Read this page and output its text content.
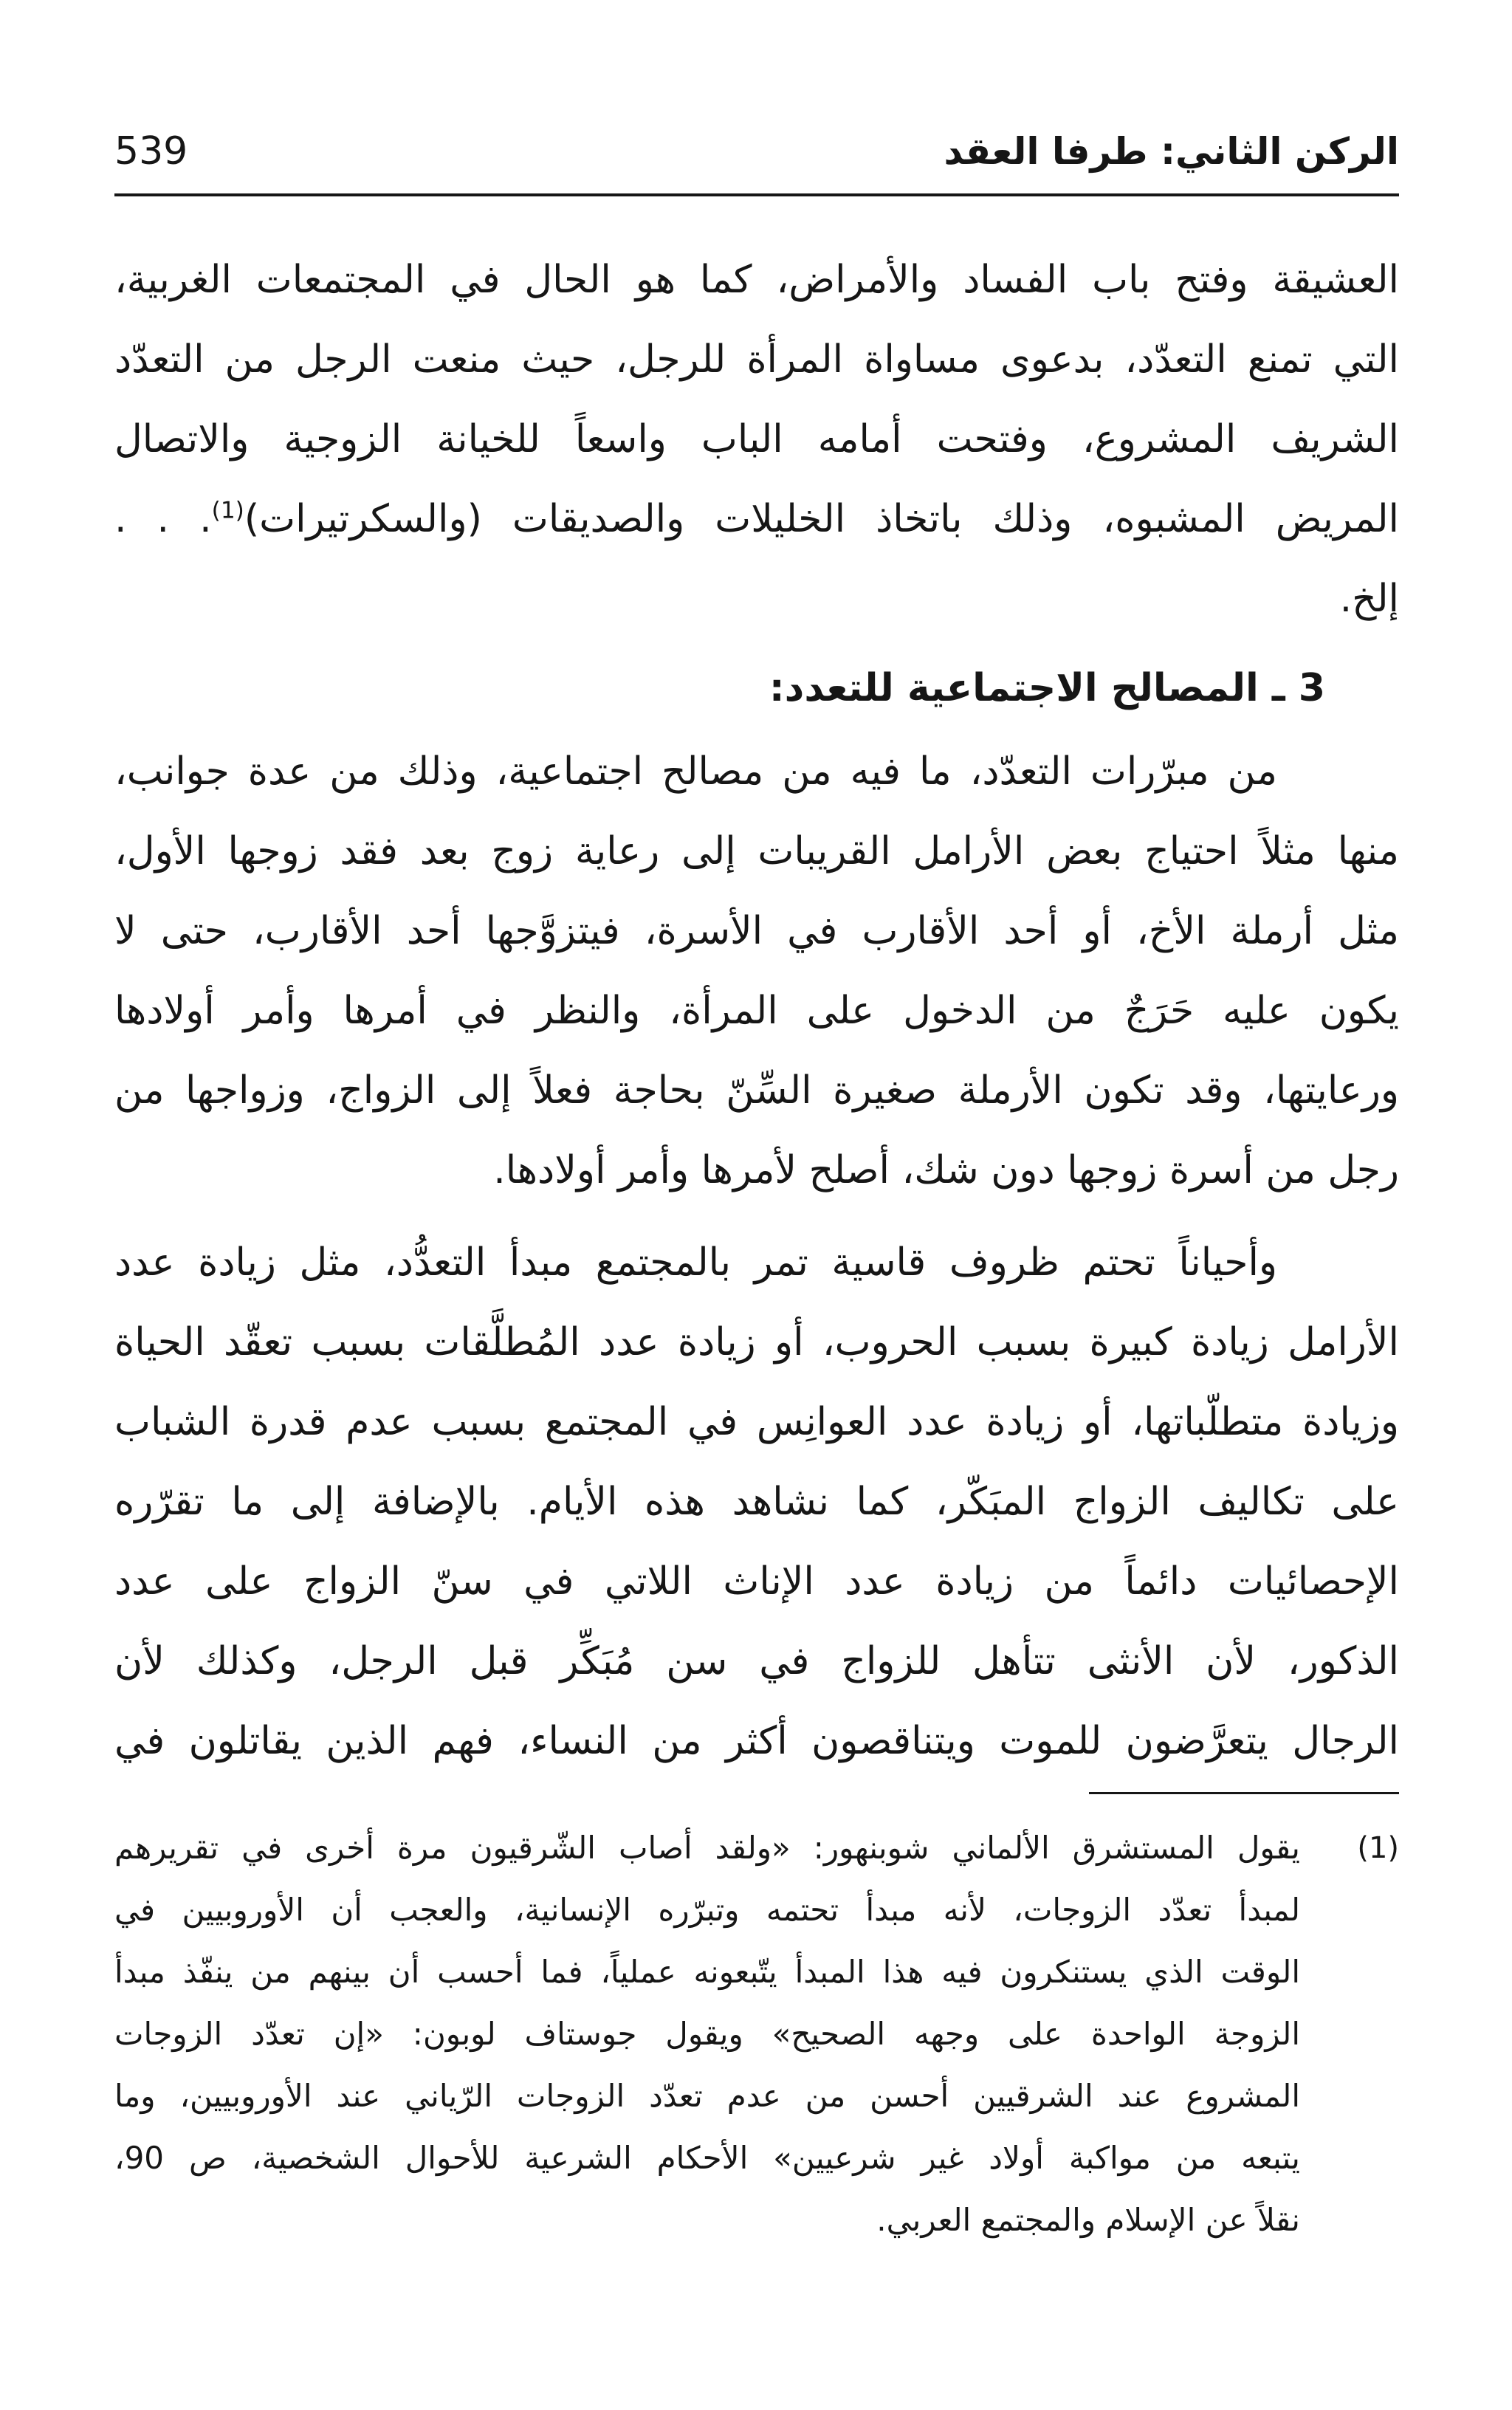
الركن الثاني: طرفا العقد
539
العشيقة وفتح باب الفساد والأمراض، كما هو الحال في المجتمعات الغربية،
التي تمنع التعدّد، بدعوى مساواة المرأة للرجل، حيث منعت الرجل من التعدّد
الشريف المشروع، وفتحت أمامه الباب واسعاً للخيانة الزوجية والاتصال
المريض المشبوه، وذلك باتخاذ الخليلات والصديقات (والسكرتيرات)$^{(1)}$. . .
إلخ.
3 ـ المصالح الاجتماعية للتعدد:
من مبرّرات التعدّد، ما فيه من مصالح اجتماعية، وذلك من عدة جوانب،
منها مثلاً احتياج بعض الأرامل القريبات إلى رعاية زوج بعد فقد زوجها الأول،
مثل أرملة الأخ، أو أحد الأقارب في الأسرة، فيتزوَّجها أحد الأقارب، حتى لا
يكون عليه حَرَجٌ من الدخول على المرأة، والنظر في أمرها وأمر أولادها
ورعايتها، وقد تكون الأرملة صغيرة السِّنّ بحاجة فعلاً إلى الزواج، وزواجها من
رجل من أسرة زوجها دون شك، أصلح لأمرها وأمر أولادها.
وأحياناً تحتم ظروف قاسية تمر بالمجتمع مبدأ التعدُّد، مثل زيادة عدد
الأرامل زيادة كبيرة بسبب الحروب، أو زيادة عدد المُطلَّقات بسبب تعقّد الحياة
وزيادة متطلّباتها، أو زيادة عدد العوانِس في المجتمع بسبب عدم قدرة الشباب
على تكاليف الزواج المبَكّر، كما نشاهد هذه الأيام. بالإضافة إلى ما تقرّره
الإحصائيات دائماً من زيادة عدد الإناث اللاتي في سنّ الزواج على عدد
الذكور، لأن الأنثى تتأهل للزواج في سن مُبَكِّر قبل الرجل، وكذلك لأن
الرجال يتعرَّضون للموت ويتناقصون أكثر من النساء، فهم الذين يقاتلون في
(1)
يقول المستشرق الألماني شوبنهور: «ولقد أصاب الشّرقيون مرة أخرى في تقريرهم
لمبدأ تعدّد الزوجات، لأنه مبدأ تحتمه وتبرّره الإنسانية، والعجب أن الأوروبيين في
الوقت الذي يستنكرون فيه هذا المبدأ يتّبعونه عملياً، فما أحسب أن بينهم من ينفّذ مبدأ
الزوجة الواحدة على وجهه الصحيح» ويقول جوستاف لوبون: «إن تعدّد الزوجات
المشروع عند الشرقيين أحسن من عدم تعدّد الزوجات الرّياني عند الأوروبيين، وما
يتبعه من مواكبة أولاد غير شرعيين» الأحكام الشرعية للأحوال الشخصية، ص 90،
نقلاً عن الإسلام والمجتمع العربي.
